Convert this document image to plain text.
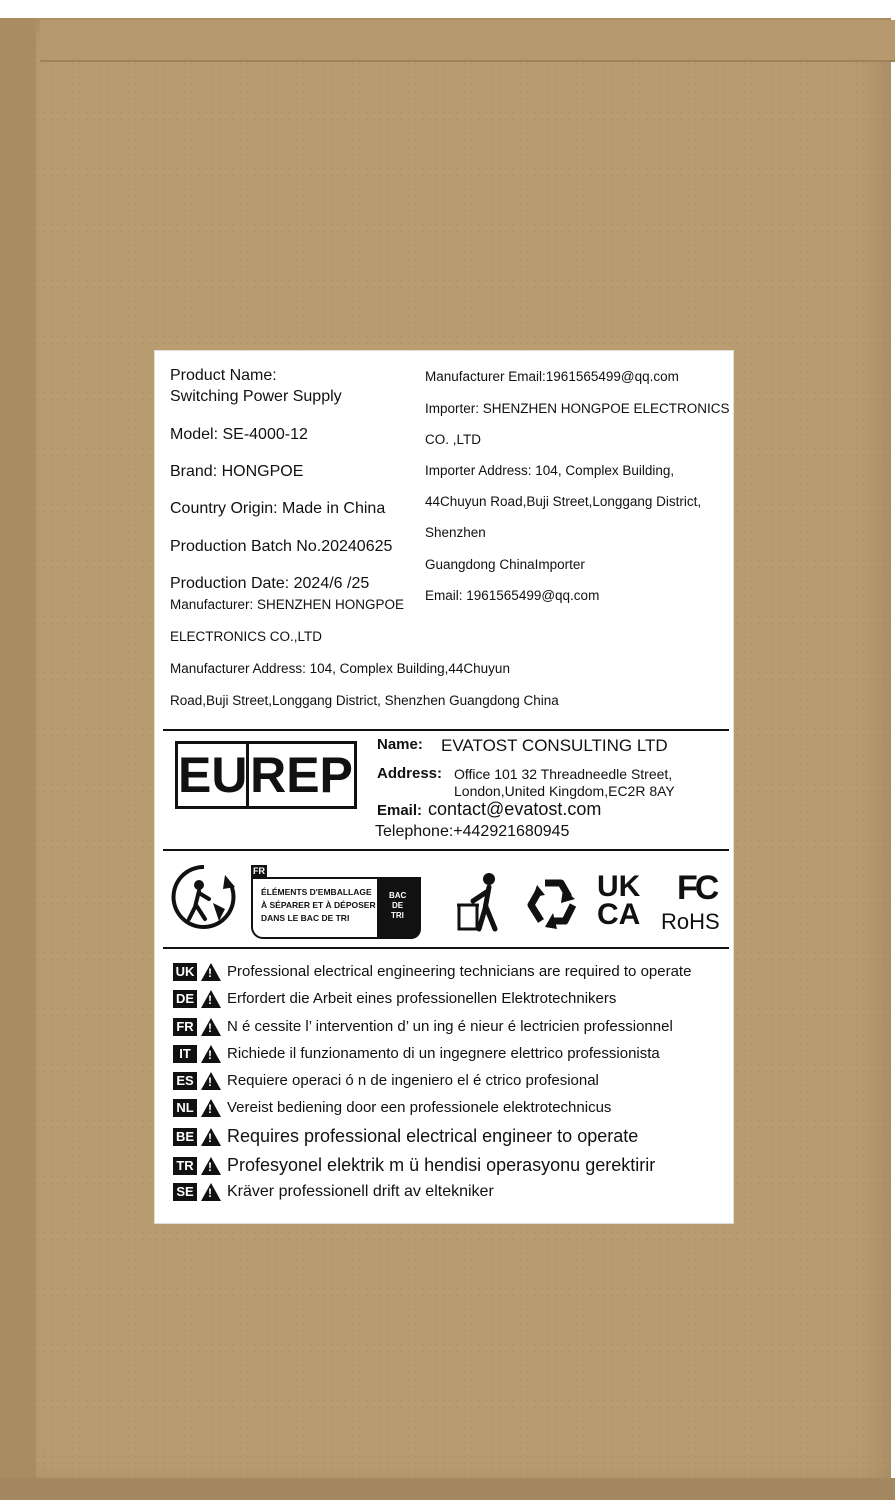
Product Name:
Switching Power Supply
Model: SE-4000-12
Brand: HONGPOE
Country Origin: Made in China
Production Batch No.20240625
Production Date: 2024/6 /25
Manufacturer: SHENZHEN HONGPOE
ELECTRONICS CO.,LTD
Manufacturer Address: 104, Complex Building,44Chuyun
Road,Buji Street,Longgang District, Shenzhen Guangdong China
Manufacturer Email:1961565499@qq.com
Importer: SHENZHEN HONGPOE ELECTRONICS
CO. ,LTD
Importer Address: 104, Complex Building,
44Chuyun Road,Buji Street,Longgang District,
Shenzhen
Guangdong ChinaImporter
Email: 1961565499@qq.com
EU REP
Name: EVATOST CONSULTING LTD
Address: Office 101 32 Threadneedle Street,
London,United Kingdom,EC2R 8AY
Email: contact@evatost.com
Telephone:+442921680945
FR
ÉLÉMENTS D'EMBALLAGE
À SÉPARER ET À DÉPOSER
DANS LE BAC DE TRI
BAC
DE
TRI
UK
CA
FC
RoHS
UK ! Professional electrical engineering technicians are required to operate
DE ! Erfordert die Arbeit eines professionellen Elektrotechnikers
FR ! N é cessite l’ intervention d’ un ing é nieur é lectricien professionnel
IT ! Richiede il funzionamento di un ingegnere elettrico professionista
ES ! Requiere operaci ó n de ingeniero el é ctrico profesional
NL ! Vereist bediening door een professionele elektrotechnicus
BE ! Requires professional electrical engineer to operate
TR ! Profesyonel elektrik m ü hendisi operasyonu gerektirir
SE ! Kräver professionell drift av eltekniker
